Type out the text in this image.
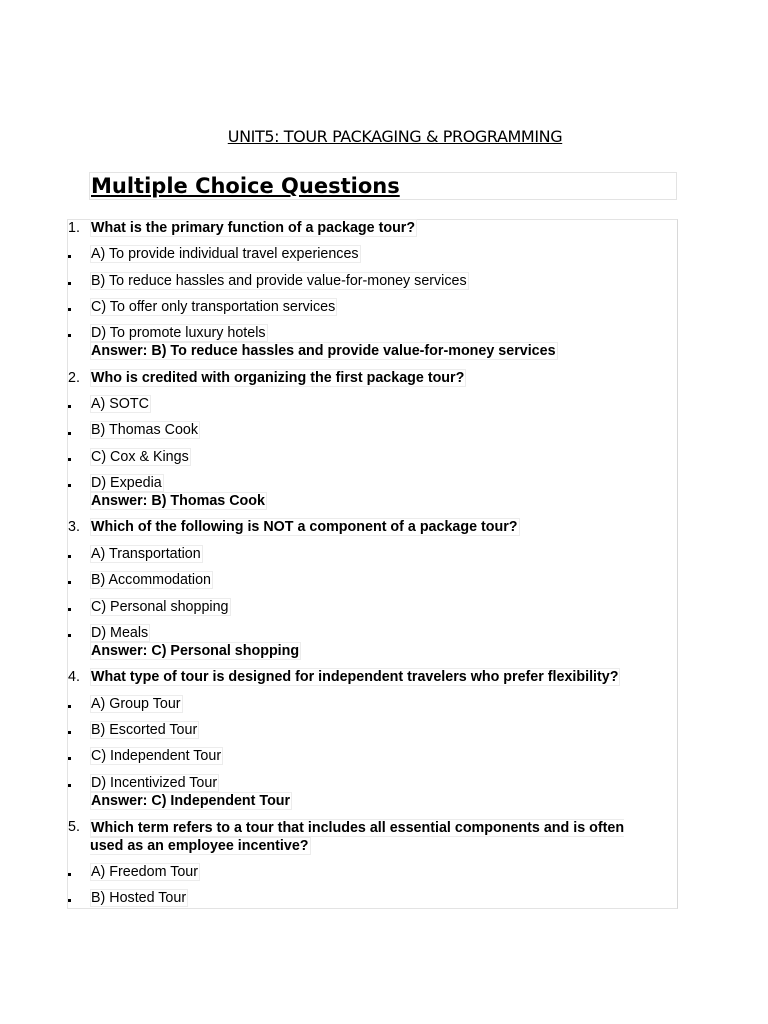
UNIT5: TOUR PACKAGING & PROGRAMMING
Multiple Choice Questions
1. What is the primary function of a package tour?
A) To provide individual travel experiences
B) To reduce hassles and provide value-for-money services
C) To offer only transportation services
D) To promote luxury hotels
Answer: B) To reduce hassles and provide value-for-money services
2. Who is credited with organizing the first package tour?
A) SOTC
B) Thomas Cook
C) Cox & Kings
D) Expedia
Answer: B) Thomas Cook
3. Which of the following is NOT a component of a package tour?
A) Transportation
B) Accommodation
C) Personal shopping
D) Meals
Answer: C) Personal shopping
4. What type of tour is designed for independent travelers who prefer flexibility?
A) Group Tour
B) Escorted Tour
C) Independent Tour
D) Incentivized Tour
Answer: C) Independent Tour
5. Which term refers to a tour that includes all essential components and is often used as an employee incentive?
A) Freedom Tour
B) Hosted Tour
